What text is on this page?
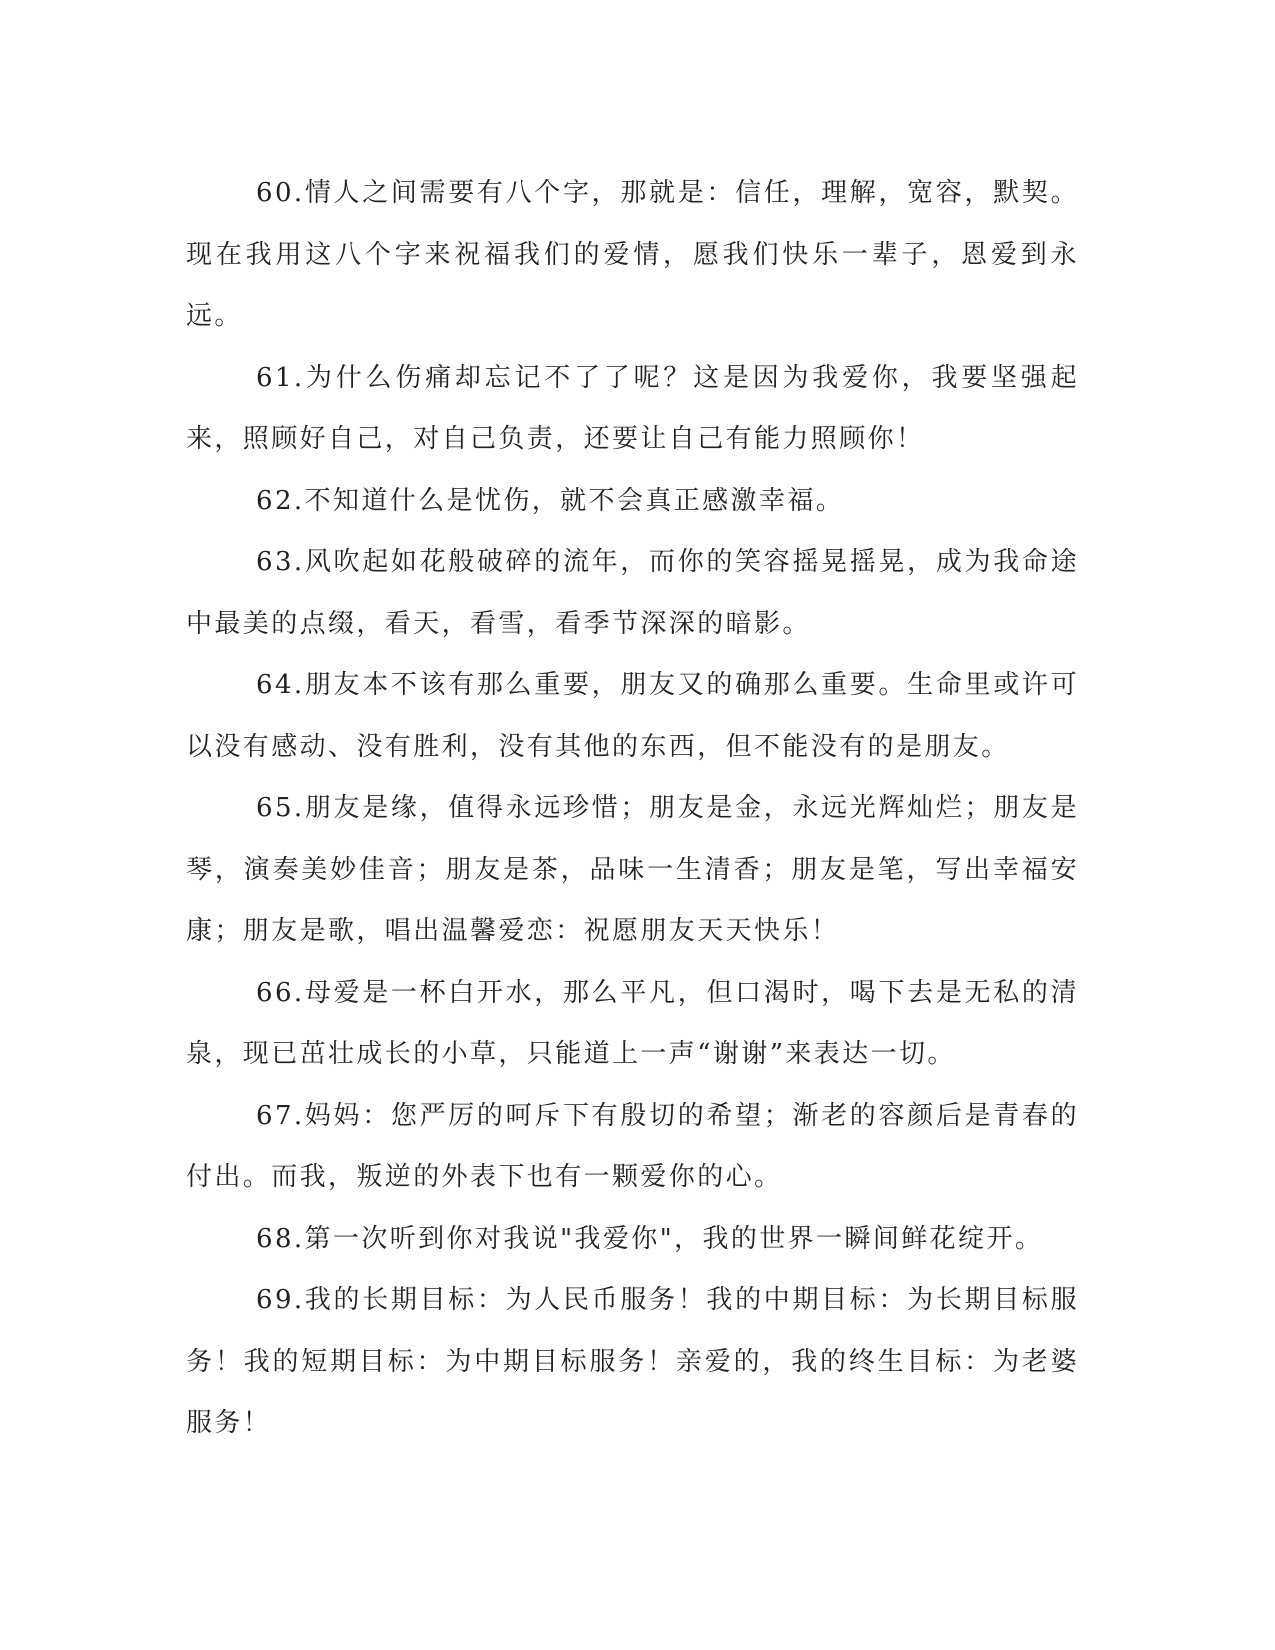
60.情人之间需要有八个字，那就是：信任，理解，宽容，默契。现在我用这八个字来祝福我们的爱情，愿我们快乐一辈子，恩爱到永远。

61.为什么伤痛却忘记不了了呢？这是因为我爱你，我要坚强起来，照顾好自己，对自己负责，还要让自己有能力照顾你！

62.不知道什么是忧伤，就不会真正感激幸福。

63.风吹起如花般破碎的流年，而你的笑容摇晃摇晃，成为我命途中最美的点缀，看天，看雪，看季节深深的暗影。

64.朋友本不该有那么重要，朋友又的确那么重要。生命里或许可以没有感动、没有胜利，没有其他的东西，但不能没有的是朋友。

65.朋友是缘，值得永远珍惜；朋友是金，永远光辉灿烂；朋友是琴，演奏美妙佳音；朋友是茶，品味一生清香；朋友是笔，写出幸福安康；朋友是歌，唱出温馨爱恋：祝愿朋友天天快乐！

66.母爱是一杯白开水，那么平凡，但口渴时，喝下去是无私的清泉，现已茁壮成长的小草，只能道上一声“谢谢”来表达一切。

67.妈妈：您严厉的呵斥下有殷切的希望；渐老的容颜后是青春的付出。而我，叛逆的外表下也有一颗爱你的心。

68.第一次听到你对我说"我爱你"，我的世界一瞬间鲜花绽开。

69.我的长期目标：为人民币服务！我的中期目标：为长期目标服务！我的短期目标：为中期目标服务！亲爱的，我的终生目标：为老婆服务！
